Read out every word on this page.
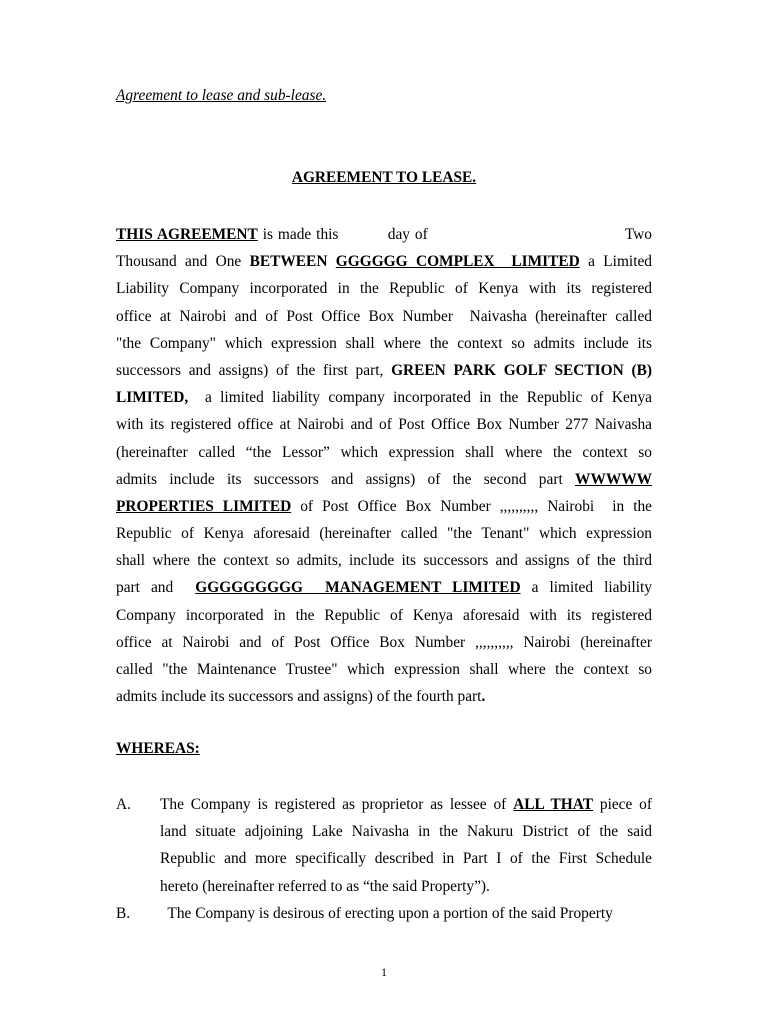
Agreement to lease and sub-lease.

AGREEMENT TO LEASE.

THIS AGREEMENT is made this          day of                                        Two
Thousand and One BETWEEN GGGGGG COMPLEX  LIMITED a Limited
Liability Company incorporated in the Republic of Kenya with its registered
office at Nairobi and of Post Office Box Number  Naivasha (hereinafter called
"the Company" which expression shall where the context so admits include its
successors and assigns) of the first part, GREEN PARK GOLF SECTION (B)
LIMITED,  a limited liability company incorporated in the Republic of Kenya
with its registered office at Nairobi and of Post Office Box Number 277 Naivasha
(hereinafter called “the Lessor” which expression shall where the context so
admits include its successors and assigns) of the second part WWWWW
PROPERTIES LIMITED of Post Office Box Number ,,,,,,,,,, Nairobi  in the
Republic of Kenya aforesaid (hereinafter called "the Tenant" which expression
shall where the context so admits, include its successors and assigns of the third
part and  GGGGGGGGG  MANAGEMENT LIMITED a limited liability
Company incorporated in the Republic of Kenya aforesaid with its registered
office at Nairobi and of Post Office Box Number ,,,,,,,,,, Nairobi (hereinafter
called "the Maintenance Trustee" which expression shall where the context so
admits include its successors and assigns) of the fourth part.

WHEREAS:

A. The Company is registered as proprietor as lessee of ALL THAT piece of
land situate adjoining Lake Naivasha in the Nakuru District of the said
Republic and more specifically described in Part I of the First Schedule
hereto (hereinafter referred to as “the said Property”).
B. The Company is desirous of erecting upon a portion of the said Property
1
